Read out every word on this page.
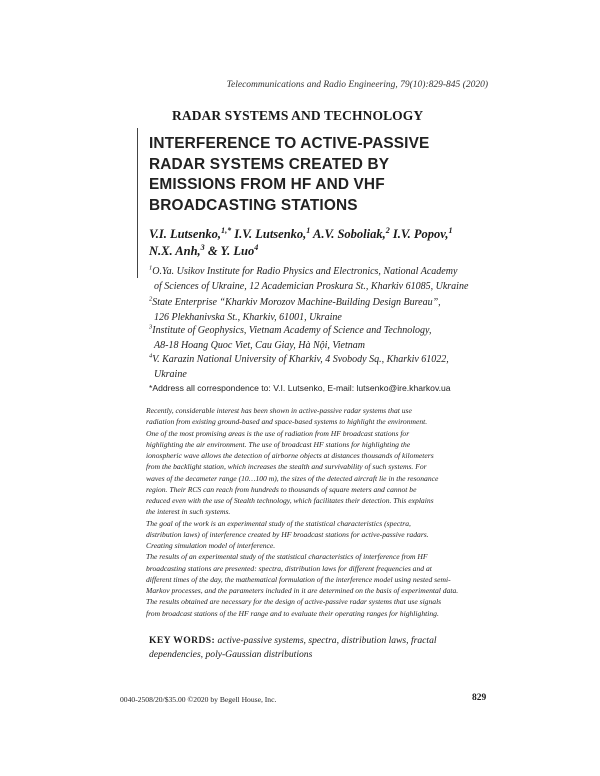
Telecommunications and Radio Engineering, 79(10):829-845 (2020)
RADAR SYSTEMS AND TECHNOLOGY
INTERFERENCE TO ACTIVE-PASSIVE
RADAR SYSTEMS CREATED BY
EMISSIONS FROM HF AND VHF
BROADCASTING STATIONS
V.I. Lutsenko,$^{1,*}$ I.V. Lutsenko,$^1$ A.V. Soboliak,$^2$ I.V. Popov,$^1$
N.X. Anh,$^3$ & Y. Luo$^4$
$^1$O.Ya. Usikov Institute for Radio Physics and Electronics, National Academy
of Sciences of Ukraine, 12 Academician Proskura St., Kharkiv 61085, Ukraine
$^2$State Enterprise “Kharkiv Morozov Machine-Building Design Bureau”,
126 Plekhanivska St., Kharkiv, 61001, Ukraine
$^3$Institute of Geophysics, Vietnam Academy of Science and Technology,
A8-18 Hoang Quoc Viet, Cau Giay, Hà Nội, Vietnam
$^4$V. Karazin National University of Kharkiv, 4 Svobody Sq., Kharkiv 61022,
Ukraine
*Address all correspondence to: V.I. Lutsenko, E-mail: lutsenko@ire.kharkov.ua
Recently, considerable interest has been shown in active-passive radar systems that use
radiation from existing ground-based and space-based systems to highlight the environment.
One of the most promising areas is the use of radiation from HF broadcast stations for
highlighting the air environment. The use of broadcast HF stations for highlighting the
ionospheric wave allows the detection of airborne objects at distances thousands of kilometers
from the backlight station, which increases the stealth and survivability of such systems. For
waves of the decameter range (10…100 m), the sizes of the detected aircraft lie in the resonance
region. Their RCS can reach from hundreds to thousands of square meters and cannot be
reduced even with the use of Stealth technology, which facilitates their detection. This explains
the interest in such systems.
The goal of the work is an experimental study of the statistical characteristics (spectra,
distribution laws) of interference created by HF broadcast stations for active-passive radars.
Creating simulation model of interference.
The results of an experimental study of the statistical characteristics of interference from HF
broadcasting stations are presented: spectra, distribution laws for different frequencies and at
different times of the day, the mathematical formulation of the interference model using nested semi-
Markov processes, and the parameters included in it are determined on the basis of experimental data.
The results obtained are necessary for the design of active-passive radar systems that use signals
from broadcast stations of the HF range and to evaluate their operating ranges for highlighting.
KEY WORDS: active-passive systems, spectra, distribution laws, fractal
dependencies, poly-Gaussian distributions
0040-2508/20/$35.00 ©2020 by Begell House, Inc.	829
